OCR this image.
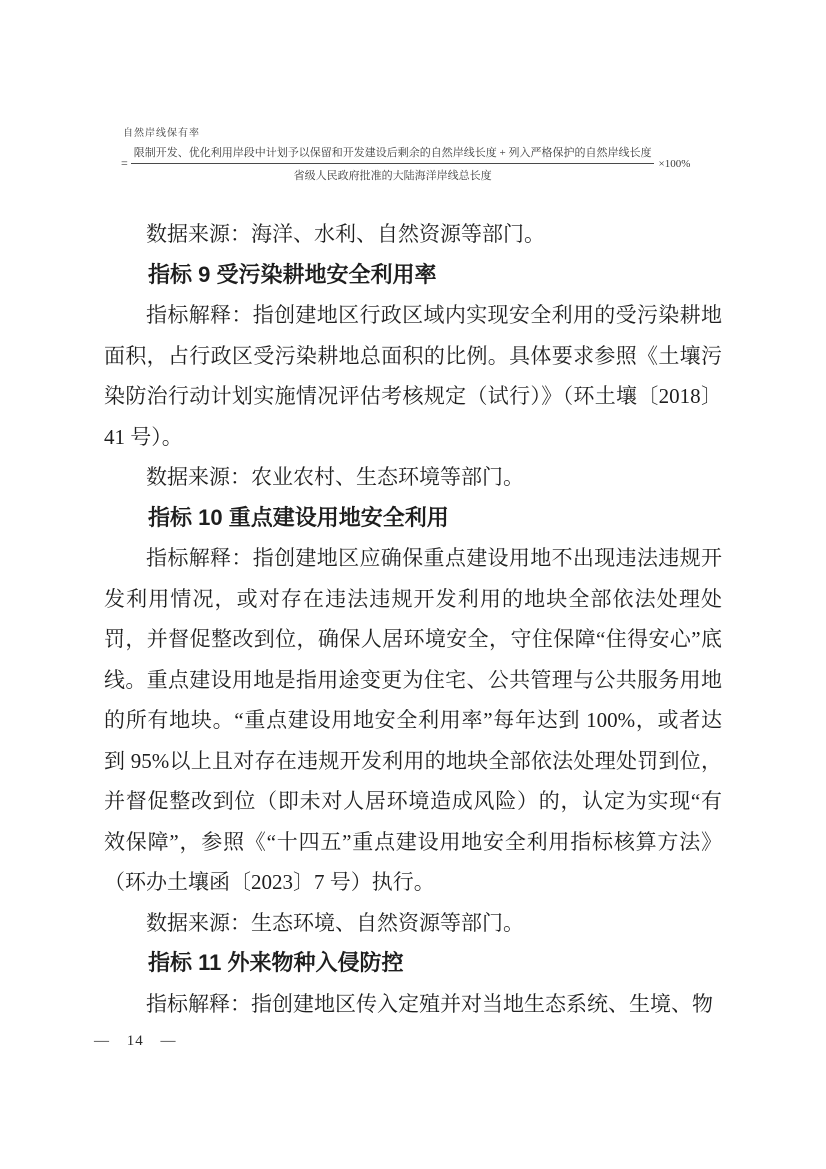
自然岸线保有率
= $\frac{\text{限制开发、优化利用岸段中计划予以保留和开发建设后剩余的自然岸线长度 + 列入严格保护的自然岸线长度}}{\text{省级人民政府批准的大陆海洋岸线总长度}} \times 100\%$

数据来源：海洋、水利、自然资源等部门。

指标 9 受污染耕地安全利用率

指标解释：指创建地区行政区域内实现安全利用的受污染耕地面积，占行政区受污染耕地总面积的比例。具体要求参照《土壤污染防治行动计划实施情况评估考核规定（试行）》（环土壤〔2018〕41 号）。

数据来源：农业农村、生态环境等部门。

指标 10 重点建设用地安全利用

指标解释：指创建地区应确保重点建设用地不出现违法违规开发利用情况，或对存在违法违规开发利用的地块全部依法处理处罚，并督促整改到位，确保人居环境安全，守住保障“住得安心”底线。重点建设用地是指用途变更为住宅、公共管理与公共服务用地的所有地块。“重点建设用地安全利用率”每年达到 100%，或者达到 95%以上且对存在违规开发利用的地块全部依法处理处罚到位，并督促整改到位（即未对人居环境造成风险）的，认定为实现“有效保障”，参照《“十四五”重点建设用地安全利用指标核算方法》（环办土壤函〔2023〕7 号）执行。

数据来源：生态环境、自然资源等部门。

指标 11 外来物种入侵防控

指标解释：指创建地区传入定殖并对当地生态系统、生境、物

— 14 —
